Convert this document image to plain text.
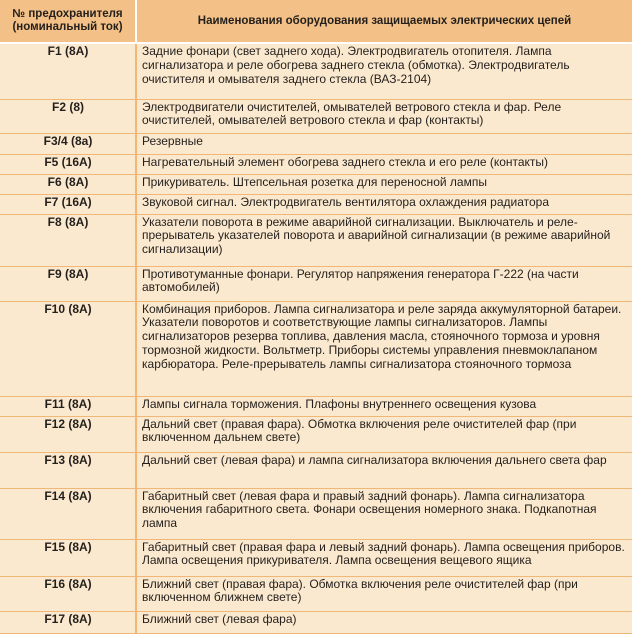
№ предохранителя (номинальный ток)	Наименования оборудования защищаемых электрических цепей
F1 (8А)	Задние фонари (свет заднего хода). Электродвигатель отопителя. Лампа сигнализатора и реле обогрева заднего стекла (обмотка). Электродвигатель очистителя и омывателя заднего стекла (ВАЗ-2104)
F2 (8)	Электродвигатели очистителей, омывателей ветрового стекла и фар. Реле очистителей, омывателей ветрового стекла и фар (контакты)
F3/4 (8а)	Резервные
F5 (16А)	Нагревательный элемент обогрева заднего стекла и его реле (контакты)
F6 (8А)	Прикуриватель. Штепсельная розетка для переносной лампы
F7 (16А)	Звуковой сигнал. Электродвигатель вентилятора охлаждения радиатора
F8 (8А)	Указатели поворота в режиме аварийной сигнализации. Выключатель и реле-прерыватель указателей поворота и аварийной сигнализации (в режиме аварийной сигнализации)
F9 (8А)	Противотуманные фонари. Регулятор напряжения генератора Г-222 (на части автомобилей)
F10 (8А)	Комбинация приборов. Лампа сигнализатора и реле заряда аккумуляторной батареи. Указатели поворотов и соответствующие лампы сигнализаторов. Лампы сигнализаторов резерва топлива, давления масла, стояночного тормоза и уровня тормозной жидкости. Вольтметр. Приборы системы управления пневмоклапаном карбюратора. Реле-прерыватель лампы сигнализатора стояночного тормоза
F11 (8А)	Лампы сигнала торможения. Плафоны внутреннего освещения кузова
F12 (8А)	Дальний свет (правая фара). Обмотка включения реле очистителей фар (при включенном дальнем свете)
F13 (8А)	Дальний свет (левая фара) и лампа сигнализатора включения дальнего света фар
F14 (8А)	Габаритный свет (левая фара и правый задний фонарь). Лампа сигнализатора включения габаритного света. Фонари освещения номерного знака. Подкапотная лампа
F15 (8А)	Габаритный свет (правая фара и левый задний фонарь). Лампа освещения приборов. Лампа освещения прикуривателя. Лампа освещения вещевого ящика
F16 (8А)	Ближний свет (правая фара). Обмотка включения реле очистителей фар (при включенном ближнем свете)
F17 (8А)	Ближний свет (левая фара)
